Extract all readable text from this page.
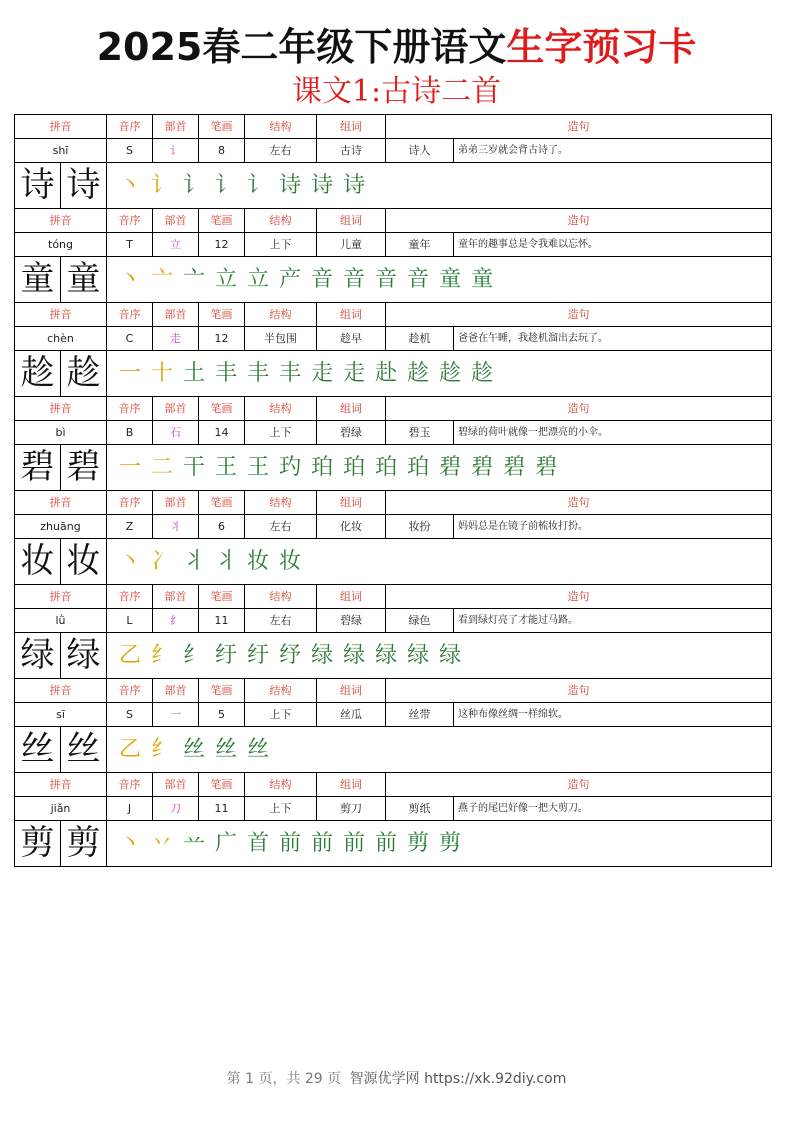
2025春二年级下册语文生字预习卡
课文1:古诗二首
拼音	音序	部首	笔画	结构	组词	造句
shī	S	讠	8	左右	古诗	诗人	弟弟三岁就会背古诗了。
诗 诗 丶 讠 讠 讠 讠 诗 诗 诗
拼音	音序	部首	笔画	结构	组词	造句
tóng	T	立	12	上下	儿童	童年	童年的趣事总是令我难以忘怀。
童 童 丶 亠 亠 立 立 产 音 音 音 音 童 童
拼音	音序	部首	笔画	结构	组词	造句
chèn	C	走	12	半包围	趁早	趁机	爸爸在午睡，我趁机溜出去玩了。
趁 趁 一 十 土 丰 丰 丰 走 走 赴 趁 趁 趁
拼音	音序	部首	笔画	结构	组词	造句
bì	B	石	14	上下	碧绿	碧玉	碧绿的荷叶就像一把漂亮的小伞。
碧 碧 一 二 干 王 王 玓 珀 珀 珀 珀 碧 碧 碧 碧
拼音	音序	部首	笔画	结构	组词	造句
zhuāng	Z	丬	6	左右	化妆	妆扮	妈妈总是在镜子前梳妆打扮。
妆 妆 丶 冫 丬 丬 妆 妆
拼音	音序	部首	笔画	结构	组词	造句
lǜ	L	纟	11	左右	碧绿	绿色	看到绿灯亮了才能过马路。
绿 绿 乙 纟 纟 纡 纡 纾 绿 绿 绿 绿 绿
拼音	音序	部首	笔画	结构	组词	造句
sī	S	一	5	上下	丝瓜	丝带	这种布像丝绸一样绵软。
丝 丝 乙 纟 丝 丝 丝
拼音	音序	部首	笔画	结构	组词	造句
jiǎn	J	刀	11	上下	剪刀	剪纸	燕子的尾巴好像一把大剪刀。
剪 剪 丶 丷 䒑 广 首 前 前 前 前 剪 剪
第 1 页，共 29 页 智源优学网 https://xk.92diy.com
